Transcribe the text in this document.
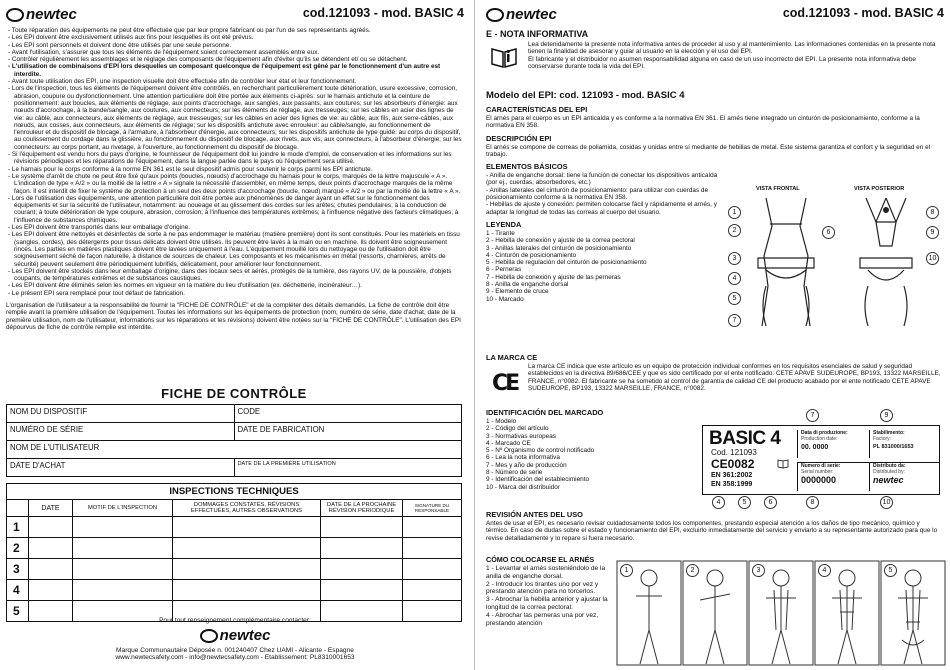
newtec	cod.121093 - mod. BASIC 4

- Toute réparation des équipements ne peut être effectuée que par leur propre fabricant ou par l'un de ses représentants agréés.

- Les EPI doivent être exclusivement utilisés aux fins pour lesquelles ils ont été prévus.

- Les EPI sont personnels et doivent donc être utilisés par une seule personne.

- Avant l'utilisation, s'assurer que tous les éléments de l'équipement soient correctement assemblés entre eux.

- Contrôler régulièrement les assemblages et le réglage des composants de l'équipement afin d'éviter qu'ils se détendent et/ ou se détachent.

- L'utilisation de combinaisons d'EPI lors desquelles un composant quelconque de l'équipement est gêné par le fonctionnement d'un autre est interdite.

- Avant toute utilisation des EPI, une inspection visuelle doit être effectuée afin de contrôler leur état et leur fonctionnement.

- Lors de l'inspection, tous les éléments de l'équipement doivent être contrôlés, en recherchant particulièrement toute détérioration, usure excessive, corrosion, abrasion, coupure ou dysfonctionnement. Une attention particulière doit être portée aux éléments ci-après: sur le harnais antichute et la ceinture de positionnement: aux boucles, aux éléments de réglage, aux points d'accrochage, aux sangles, aux passants, aux coutures; sur les absorbeurs d'énergie: aux nœuds d'accrochage, à la bande/sangle, aux coutures, aux connecteurs; sur les éléments de réglage, aux tresseuges; sur les câbles en acier des lignes de vie: au câble, aux connecteurs, aux éléments de réglage, aux tresseuges; sur les câbles en acier des lignes de vie: au câble, aux fils, aux serre-câbles, aux nœuds, aux cosses, aux connecteurs, aux éléments de réglage; sur les dispositifs antichute avec enrouleur: au câble/sangle, au fonctionnement de l'enrouleur et du dispositif de blocage, à l'armature, à l'absorbeur d'énergie, aux connecteurs; sur les dispositifs antichute de type guidé: au corps du dispositif, au coulissement du cordage dans la glissière, au fonctionnement du dispositif de blocage, aux rivets, aux vis, aux connecteurs, à l'absorbeur d'énergie; sur les connecteurs: au corps portant, au rivetage, à l'ouverture, au fonctionnement du dispositif de blocage.

- Si l'équipement est vendu hors du pays d'origine, le fournisseur de l'équipement doit lui joindre le mode d'emploi, de conservation et les informations sur les révisions périodiques et les réparations de l'équipement, dans la langue parlée dans le pays où l'équipement sera utilisé.

- Le harnais pour le corps conforme à la norme EN 361 est le seul dispositif admis pour soutenir le corps parmi les EPI antichute.

- Le système d'arrêt de chute ne peut être fixé qu'aux points (boucles, nœuds) d'accrochage du harnais pour le corps, marqués de la lettre majuscule « A ». L'indication de type « A/2 » ou la moitié de la lettre « A » signale la nécessité d'assembler, en même temps, deux points d'accrochage marqués de la même façon. Il est interdit de fixer le système de protection à un seul des deux points d'accrochage (boucle, nœud) marqué « A/2 » ou par la moitié de la lettre « A ».

- Lors de l'utilisation des équipements, une attention particulière doit être portée aux phénomènes de danger ayant un effet sur le fonctionnement des équipements et sur la sécurité de l'utilisateur, notamment: au noueage et au glissement des cordes sur les arêtes; chutes pendulaires; à la conduction de courant; à toute détérioration de type coupure, abrasion, corrosion; à l'influence des températures extrêmes; à l'influence négative des facteurs climatiques; à l'influence de substances chimiques.

- Les EPI doivent être transportés dans leur emballage d'origine.

- Les EPI doivent être nettoyés et désinfectés de sorte à ne pas endommager le matériau (matière première) dont ils sont constitués. Pour les matériels en tissu (sangles, cordes), des détergents pour tissus délicats doivent être utilisés. Ils peuvent être lavés à la main ou en machine. Ils doivent être soigneusement rincés. Les parties en matières plastiques doivent être lavées uniquement à l'eau. L'équipement mouillé lors du nettoyage ou de l'utilisation doit être soigneusement séché de façon naturelle, à distance de sources de chaleur. Les composants et les mécanismes en métal (ressorts, charnières, arrêts de sécurité) peuvent seulement être périodiquement lubrifiés, délicatement, pour améliorer leur fonctionnement.

- Les EPI doivent être stockés dans leur emballage d'origine, dans des locaux secs et aérés, protégés de la lumière, des rayons UV, de la poussière, d'objets coupants, de températures extrêmes et de substances caustiques.

- Les EPI doivent être éliminés selon les normes en vigueur en la matière du lieu d'utilisation (ex. déchetterie, incinérateur…).

- Le présent EPI sera remplacé pour tout défaut de fabrication.

L'organisation de l'utilisateur a la responsabilité de fournir la "FICHE DE CONTRÔLE" et de la compléter des détails demandés. La fiche de contrôle doit être remplie avant la première utilisation de l'équipement. Toutes les informations sur les équipements de protection (nom, numéro de série, date d'achat, date de la première utilisation, nom de l'utilisateur, informations sur les réparations et les révisions) doivent être notées sur la "FICHE DE CONTRÔLE". L'utilisation des EPI dépourvus de fiche de contrôle remplie est interdite.

FICHE DE CONTRÔLE
NOM DU DISPOSITIF	CODE
NUMÉRO DE SÉRIE	DATE DE FABRICATION
NOM DE L'UTILISATEUR	
DATE D'ACHAT	DATE DE LA PREMIÈRE UTILISATION
INSPECTIONS TECHNIQUES
	DATE	MOTIF DE L'INSPECTION	DOMMAGES CONSTATÉS, RÉVISIONS EFFECTUÉES, AUTRES OBSERVATIONS	DATE DE LA PROCHAINE RÉVISION PÉRIODIQUE	SIGNATURE DU RESPONSABLE
1					
2					
3					
4					
5					
Pour tout renseignement complémentaire contacter:
newtec
Marque Communautaire Déposée n. 001240407 Chez UAMI - Alicante - Espagne
www.newtecsafety.com - info@newtecsafety.com - Etablissement: PL8310001653
newtec	cod.121093 - mod. BASIC 4
E - NOTA INFORMATIVA
Lea detenidamente la presente nota informativa antes de proceder al uso y al mantenimiento. Las informaciones contenidas en la presente nota tienen la finalidad de asesorar y guiar al usuario en la elección y el uso del EPI.
El fabricante y el distribuidor no asumen responsabilidad alguna en caso de un uso incorrecto del EPI. La presente nota informativa debe conservarse durante toda la vida del EPI.
Modelo del EPI: cod. 121093 - mod. BASIC 4
CARACTERÍSTICAS DEL EPI
El arnés para el cuerpo es un EPI anticaída y es conforme a la normativa EN 361. El arnés tiene integrado un cinturón de posicionamiento, conforme a la normativa EN 358.
DESCRIPCIÓN EPI
El arnés se compone de correas de poliamida, cosidas y unidas entre sí mediante de hebillas de metal. Este sistema garantiza el confort y la seguridad en el trabajo.
ELEMENTOS BÁSICOS
- Anilla de enganche dorsal: tiene la función de conectar los dispositivos anticaída (por ej., cuerdas, absorbedores, etc.)
- Anillas laterales del cinturón de posicionamiento: para utilizar con cuerdas de posicionamiento conforme a la normativa EN 358.
- Hebillas de ajuste y conexión: permiten colocarse fácil y rápidamente el arnés, y adaptar la longitud de todas las correas al cuerpo del usuario.
LEYENDA
1 - Tirante
2 - Hebilla de conexión y ajuste de la correa pectoral
3 - Anillas laterales del cinturón de posicionamiento
4 - Cinturón de posicionamiento
5 - Hebilla de regulación del cinturón de posicionamiento
6 - Perneras
7 - Hebilla de conexión y ajuste de las perneras
8 - Anilla de enganche dorsal
9 - Elemento de cruce
10 - Marcado
VISTA FRONTAL	VISTA POSTERIOR
1
2
3
4
5
6
7
8
9
10
LA MARCA CE
CE
La marca CE indica que este artículo es un equipo de protección individual conformes en los requisitos esenciales de salud y seguridad establecidos en la directiva 89/686/CEE y que es sido certificado por el ente notificado: CETE APAVE SUDEUROPE, BP193, 13322 MARSEILLE, FRANCE, n°0082. El fabricante se ha sometido al control de garantía de calidad CE del producto acabado por el ente notificado CETE APAVE SUDEUROPE, BP193, 13322 MARSEILLE, FRANCE, n°0082.
IDENTIFICACIÓN DEL MARCADO
1 - Modelo
2 - Código del artículo
3 - Normativas europeas
4 - Marcado CE
5 - Nº Organismo de control notificado
6 - Lea la nota informativa
7 - Mes y año de producción
8 - Número de serie
9 - Identificación del establecimiento
10 - Marca del distribuidor
BASIC 4
Cod. 121093
CE0082
EN 361:2002
EN 358:1999
Data di produzione:
Production date:
00. 0000
Stabilimento:
Factory:
PL 831000/1653
Numero di serie:
Serial number:
0000000
Distributo da:
Distributed by:
newtec
7	9
4	5	6	8	10
REVISIÓN ANTES DEL USO
Antes de usar el EPI, es necesario revisar cuidadosamente todos los componentes, prestando especial atención a los daños de tipo mecánico, químico y térmico. En caso de dudas sobre el estado y funcionamiento del EPI, excluirlo inmediatamente del servicio y enviarlo a su representante autorizado para que lo revise detalladamente y lo repare si fuera necesario.
CÓMO COLOCARSE EL ARNÉS
1 - Levantar el arnés sosteniéndolo de la anilla de enganche dorsal.
2 - Introducir los tirantes uno por vez y prestando atención para no torcerlos.
3 - Abrochar la hebilla anterior y ajustar la longitud de la correa pectoral.
4 - Abrochar las perneras una por vez, prestando atención
1	2	3	4	5
